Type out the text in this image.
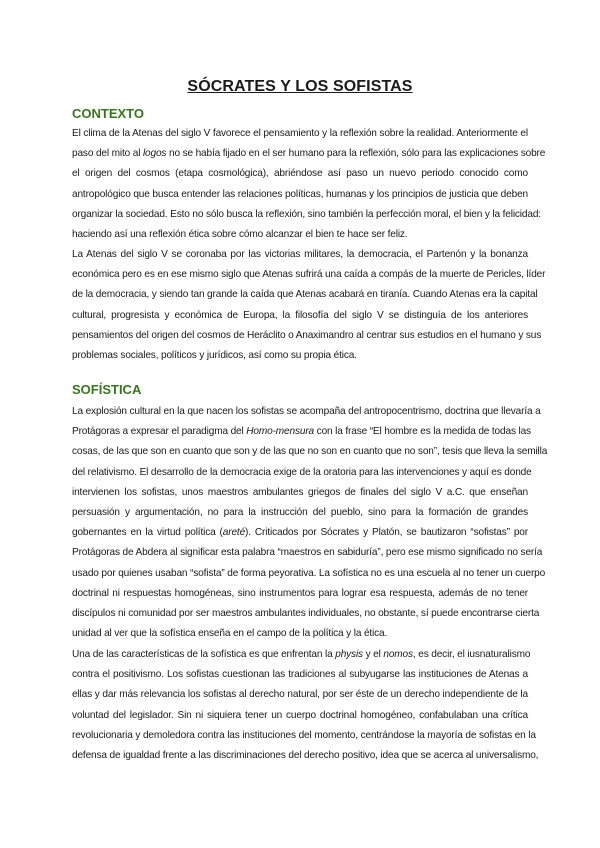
SÓCRATES Y LOS SOFISTAS
CONTEXTO
El clima de la Atenas del siglo V favorece el pensamiento y la reflexión sobre la realidad. Anteriormente el
paso del mito al logos no se había fijado en el ser humano para la reflexión, sólo para las explicaciones sobre
el origen del cosmos (etapa cosmológica), abriéndose así paso un nuevo periodo conocido como
antropológico que busca entender las relaciones políticas, humanas y los principios de justicia que deben
organizar la sociedad. Esto no sólo busca la reflexión, sino también la perfección moral, el bien y la felicidad:
haciendo así una reflexión ética sobre cómo alcanzar el bien te hace ser feliz.
La Atenas del siglo V se coronaba por las victorias militares, la democracia, el Partenón y la bonanza
económica pero es en ese mismo siglo que Atenas sufrirá una caída a compás de la muerte de Pericles, líder
de la democracia, y siendo tan grande la caída que Atenas acabará en tiranía. Cuando Atenas era la capital
cultural, progresista y económica de Europa, la filosofía del siglo V se distinguía de los anteriores
pensamientos del origen del cosmos de Heráclito o Anaximandro al centrar sus estudios en el humano y sus
problemas sociales, políticos y jurídicos, así como su propia ética.
SOFÍSTICA
La explosión cultural en la que nacen los sofistas se acompaña del antropocentrismo, doctrina que llevaría a
Protágoras a expresar el paradigma del Homo-mensura con la frase “El hombre es la medida de todas las
cosas, de las que son en cuanto que son y de las que no son en cuanto que no son”, tesis que lleva la semilla
del relativismo. El desarrollo de la democracia exige de la oratoria para las intervenciones y aquí es donde
intervienen los sofistas, unos maestros ambulantes griegos de finales del siglo V a.C. que enseñan
persuasión y argumentación, no para la instrucción del pueblo, sino para la formación de grandes
gobernantes en la virtud política (areté). Criticados por Sócrates y Platón, se bautizaron “sofistas” por
Protágoras de Abdera al significar esta palabra “maestros en sabiduría”, pero ese mismo significado no sería
usado por quienes usaban “sofista” de forma peyorativa. La sofística no es una escuela al no tener un cuerpo
doctrinal ni respuestas homogéneas, sino instrumentos para lograr esa respuesta, además de no tener
discípulos ni comunidad por ser maestros ambulantes individuales, no obstante, sí puede encontrarse cierta
unidad al ver que la sofística enseña en el campo de la política y la ética.
Una de las características de la sofística es que enfrentan la physis y el nomos, es decir, el iusnaturalismo
contra el positivismo. Los sofistas cuestionan las tradiciones al subyugarse las instituciones de Atenas a
ellas y dar más relevancia los sofistas al derecho natural, por ser éste de un derecho independiente de la
voluntad del legislador. Sin ni siquiera tener un cuerpo doctrinal homogéneo, confabulaban una crítica
revolucionaria y demoledora contra las instituciones del momento, centrándose la mayoría de sofistas en la
defensa de igualdad frente a las discriminaciones del derecho positivo, idea que se acerca al universalismo,
